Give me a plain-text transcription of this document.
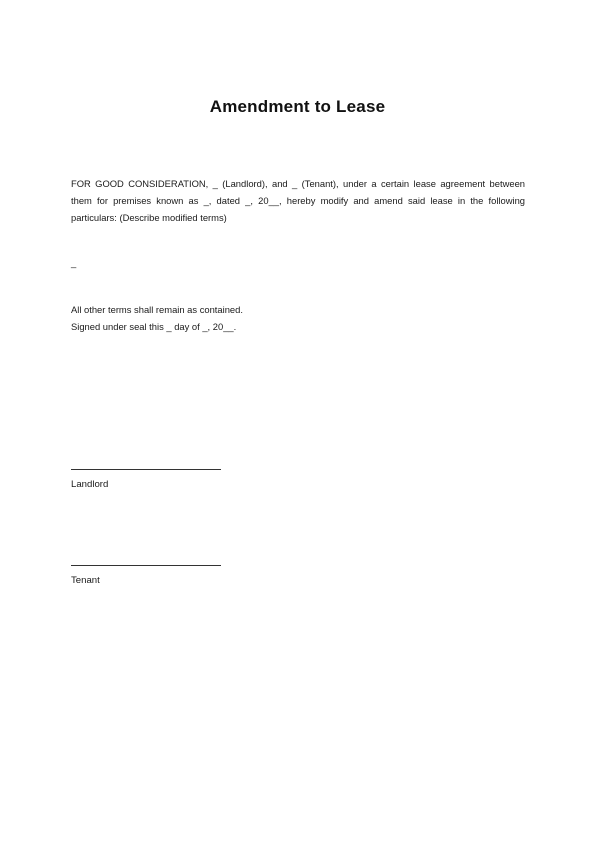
Amendment to Lease
FOR GOOD CONSIDERATION, _ (Landlord), and _ (Tenant), under a certain lease agreement between them for premises known as _, dated _, 20__, hereby modify and amend said lease in the following particulars: (Describe modified terms)
_
All other terms shall remain as contained.
Signed under seal this _ day of _, 20__.
Landlord
Tenant
